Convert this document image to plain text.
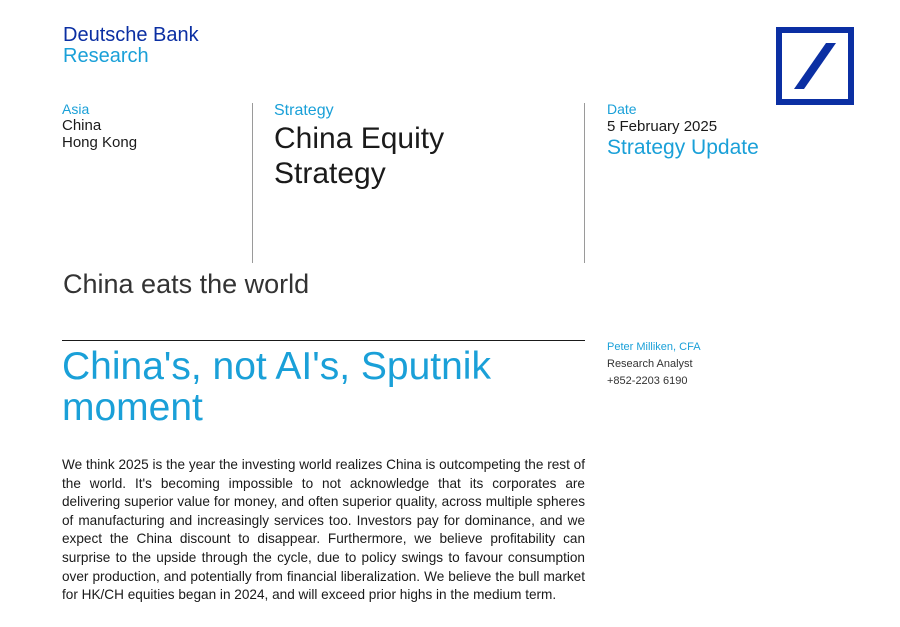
Deutsche Bank
Research
Asia
China
Hong Kong
Strategy
China Equity
Strategy
Date
5 February 2025
Strategy Update
China eats the world
China's, not AI's, Sputnik moment
Peter Milliken, CFA
Research Analyst
+852-2203 6190
We think 2025 is the year the investing world realizes China is outcompeting the rest of the world. It's becoming impossible to not acknowledge that its corporates are delivering superior value for money, and often superior quality, across multiple spheres of manufacturing and increasingly services too. Investors pay for dominance, and we expect the China discount to disappear. Furthermore, we believe profitability can surprise to the upside through the cycle, due to policy swings to favour consumption over production, and potentially from financial liberalization. We believe the bull market for HK/CH equities began in 2024, and will exceed prior highs in the medium term.
